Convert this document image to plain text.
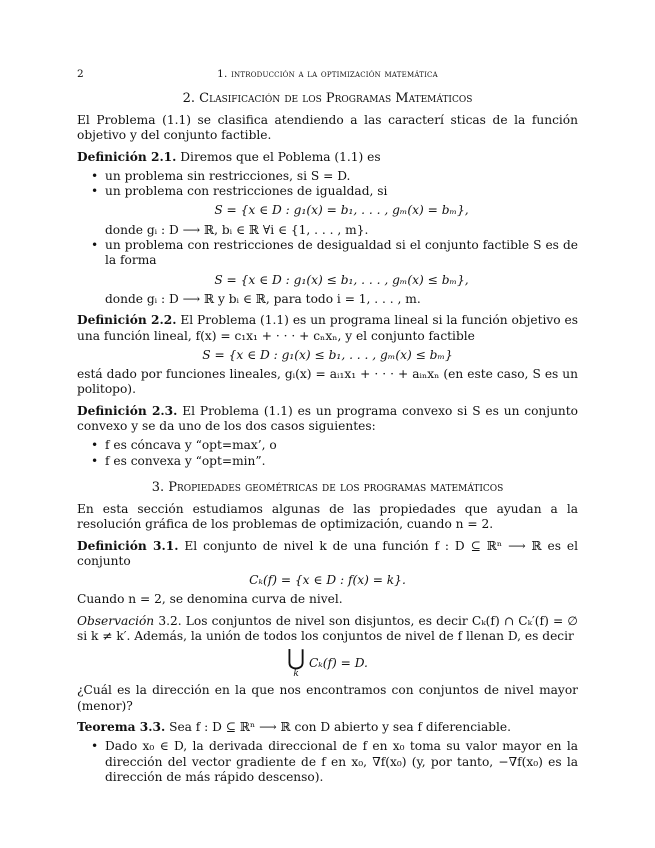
2	1. introducción a la optimización matemática
2. Clasificación de los Programas Matemáticos

El Problema (1.1) se clasifica atendiendo a las caracterí sticas de la función objetivo y del conjunto factible.

Definición 2.1. Diremos que el Poblema (1.1) es

• un problema sin restricciones, si S = D.
• un problema con restricciones de igualdad, si
S = {x ∈ D : g₁(x) = b₁, . . . , gₘ(x) = bₘ},
donde gᵢ : D ⟶ ℝ, bᵢ ∈ ℝ ∀i ∈ {1, . . . , m}.
• un problema con restricciones de desigualdad si el conjunto factible S es de la forma
S = {x ∈ D : g₁(x) ≤ b₁, . . . , gₘ(x) ≤ bₘ},
donde gᵢ : D ⟶ ℝ y bᵢ ∈ ℝ, para todo i = 1, . . . , m.

Definición 2.2. El Problema (1.1) es un programa lineal si la función objetivo es una función lineal, f(x) = c₁x₁ + · · · + cₙxₙ, y el conjunto factible

S = {x ∈ D : g₁(x) ≤ b₁, . . . , gₘ(x) ≤ bₘ}

está dado por funciones lineales, gᵢ(x) = aᵢ₁x₁ + · · · + aᵢₙxₙ (en este caso, S es un politopo).

Definición 2.3. El Problema (1.1) es un programa convexo si S es un conjunto convexo y se da uno de los dos casos siguientes:

• f es cóncava y “opt=max’, o
• f es convexa y “opt=min”.
3. Propiedades geométricas de los programas matemáticos

En esta sección estudiamos algunas de las propiedades que ayudan a la resolución gráfica de los problemas de optimización, cuando n = 2.

Definición 3.1. El conjunto de nivel k de una función f : D ⊆ ℝⁿ ⟶ ℝ es el conjunto

Cₖ(f) = {x ∈ D : f(x) = k}.

Cuando n = 2, se denomina curva de nivel.

Observación 3.2. Los conjuntos de nivel son disjuntos, es decir Cₖ(f) ∩ Cₖ′(f) = ∅ si k ≠ k′. Además, la unión de todos los conjuntos de nivel de f llenan D, es decir

⋃
k
Cₖ(f) = D.

¿Cuál es la dirección en la que nos encontramos con conjuntos de nivel mayor (menor)?

Teorema 3.3. Sea f : D ⊆ ℝⁿ ⟶ ℝ con D abierto y sea f diferenciable.

• Dado x₀ ∈ D, la derivada direccional de f en x₀ toma su valor mayor en la dirección del vector gradiente de f en x₀, ∇f(x₀) (y, por tanto, −∇f(x₀) es la dirección de más rápido descenso).
